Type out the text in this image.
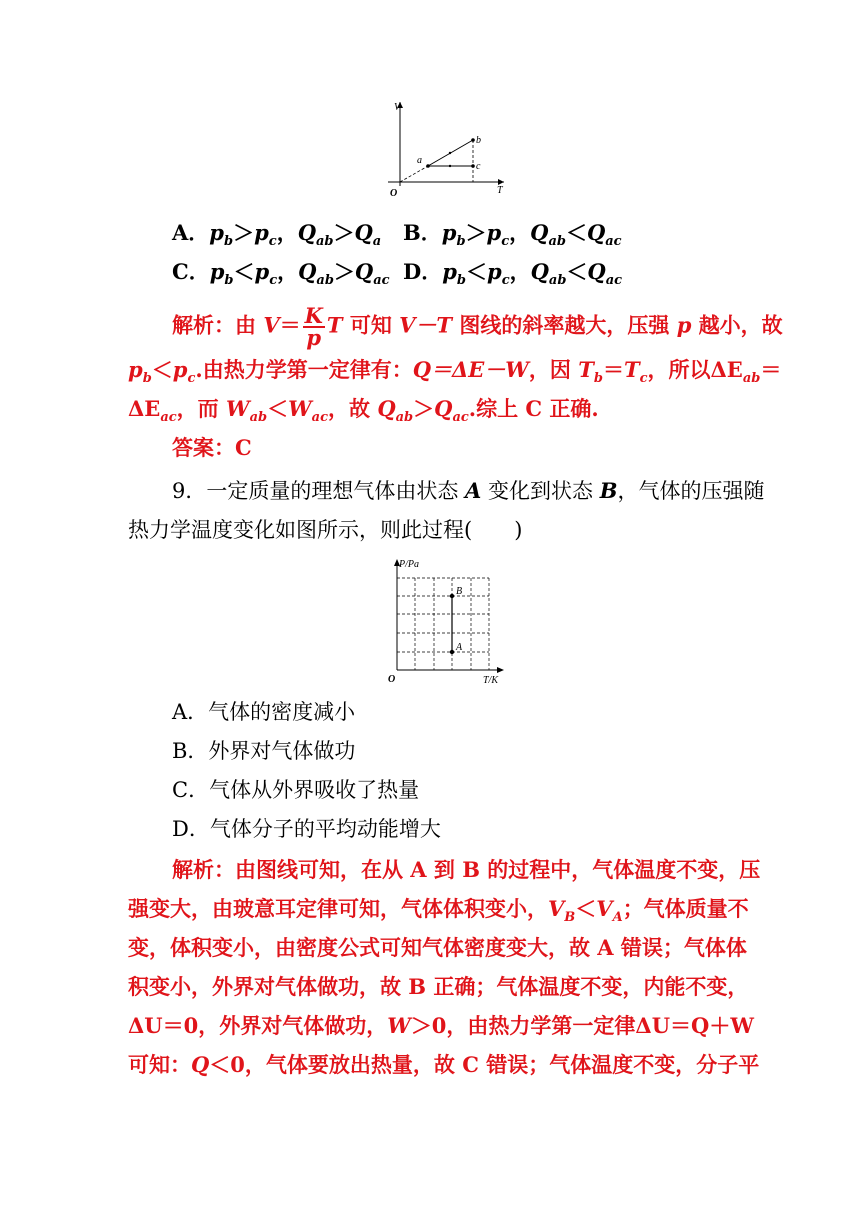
V
T
O
a
b
c
A．$p_b>p_c$，$Q_{ab}>Q_a$ B．$p_b>p_c$，$Q_{ab}<Q_{ac}$
C．$p_b<p_c$，$Q_{ab}>Q_{ac}$ D．$p_b<p_c$，$Q_{ab}<Q_{ac}$
解析：由 $V= \frac{K}{p}$ T 可知 V－T 图线的斜率越大，压强 p 越小，故
$p_b<p_c$.由热力学第一定律有：Q＝ΔE－W，因 $T_b=T_c$，所以$\Delta E_{ab}=$
$\Delta E_{ac}$，而 $W_{ab}<W_{ac}$，故 $Q_{ab}>Q_{ac}$.综上 C 正确.
答案：C
9．一定质量的理想气体由状态 A 变化到状态 B，气体的压强随
热力学温度变化如图所示，则此过程(　　)
P/Pa
T/K
O
B
A
A．气体的密度减小
B．外界对气体做功
C．气体从外界吸收了热量
D．气体分子的平均动能增大
解析：由图线可知，在从 A 到 B 的过程中，气体温度不变，压
强变大，由玻意耳定律可知，气体体积变小，$V_B<V_A$；气体质量不
变，体积变小，由密度公式可知气体密度变大，故 A 错误；气体体
积变小，外界对气体做功，故 B 正确；气体温度不变，内能不变，
ΔU＝0，外界对气体做功，W＞0，由热力学第一定律ΔU＝Q＋W
可知：Q＜0，气体要放出热量，故 C 错误；气体温度不变，分子平
